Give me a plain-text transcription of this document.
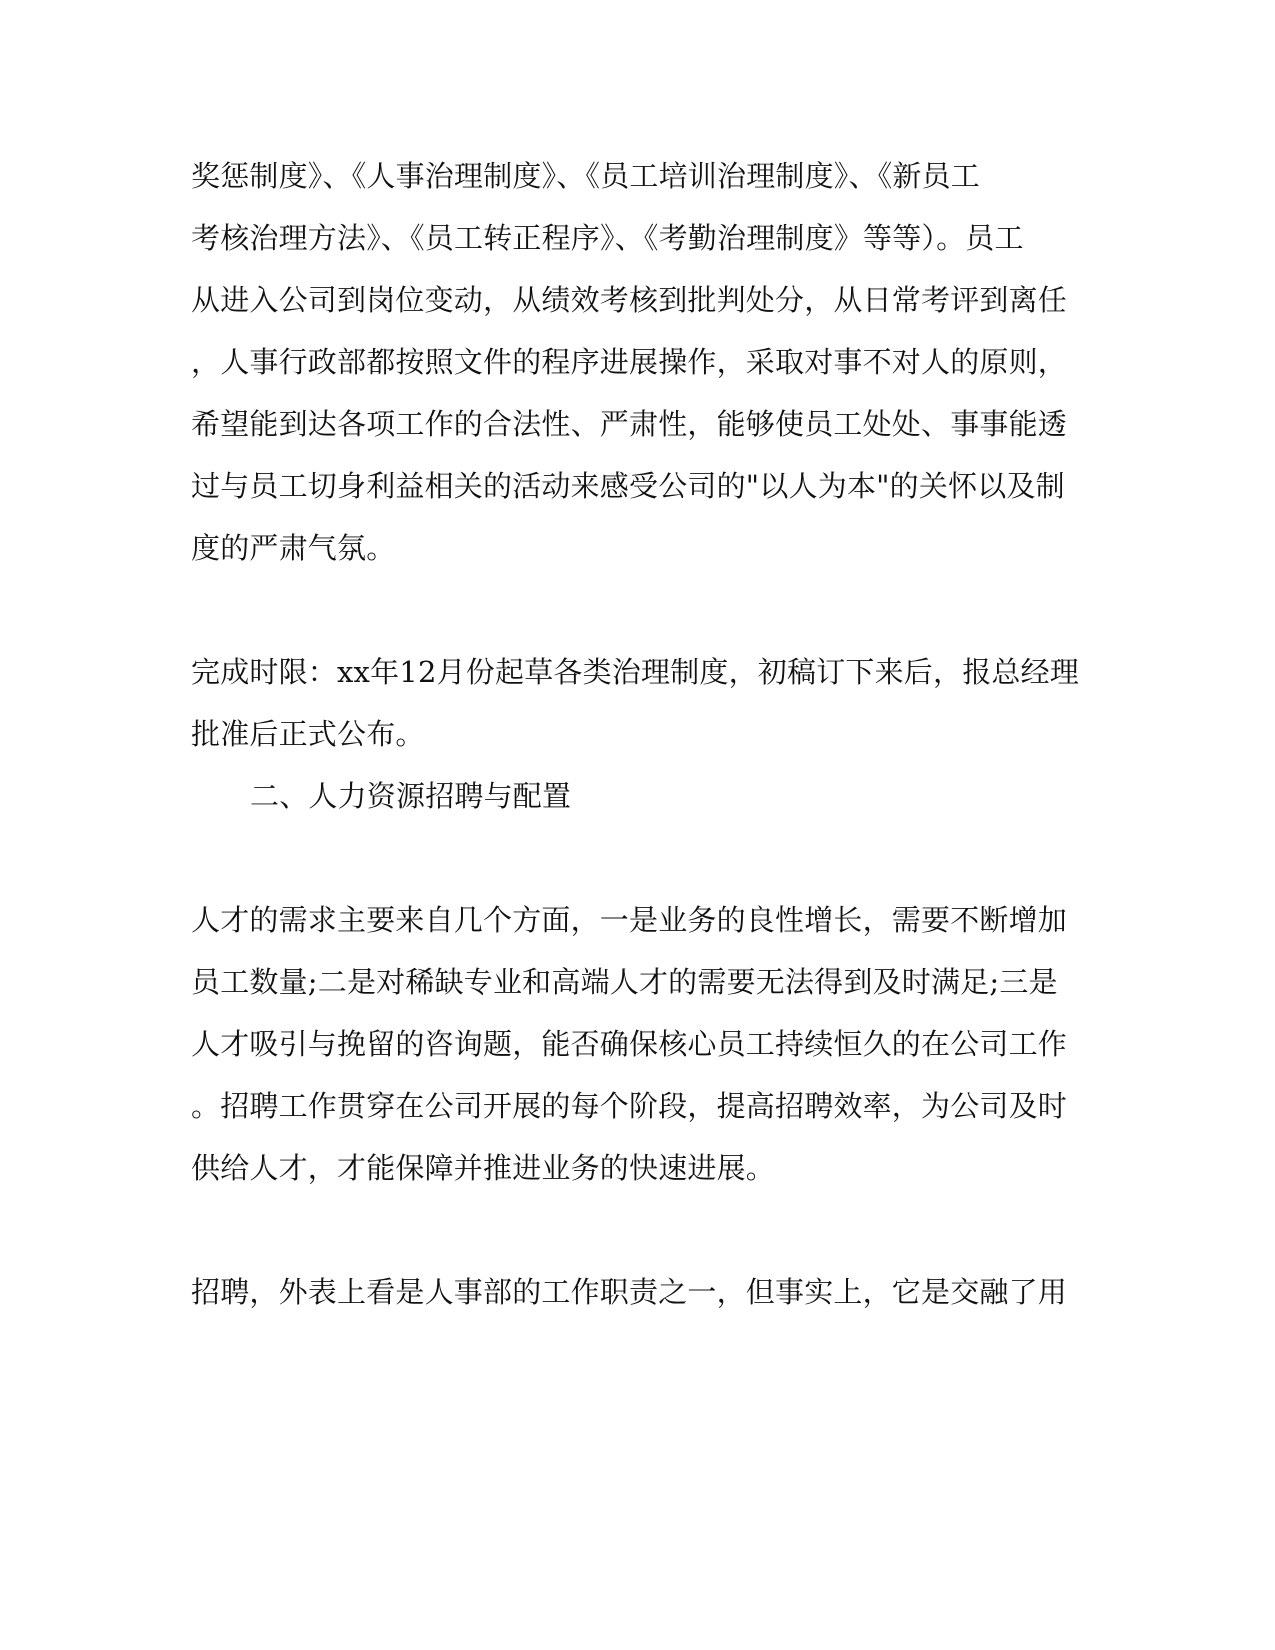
奖惩制度》、《人事治理制度》、《员工培训治理制度》、《新员工
考核治理方法》、《员工转正程序》、《考勤治理制度》等等）。员工
从进入公司到岗位变动，从绩效考核到批判处分，从日常考评到离任
，人事行政部都按照文件的程序进展操作，采取对事不对人的原则，
希望能到达各项工作的合法性、严肃性，能够使员工处处、事事能透
过与员工切身利益相关的活动来感受公司的"以人为本"的关怀以及制
度的严肃气氛。
完成时限：xx年12月份起草各类治理制度，初稿订下来后，报总经理
批准后正式公布。
二、人力资源招聘与配置
人才的需求主要来自几个方面，一是业务的良性增长，需要不断增加
员工数量;二是对稀缺专业和高端人才的需要无法得到及时满足;三是
人才吸引与挽留的咨询题，能否确保核心员工持续恒久的在公司工作
。招聘工作贯穿在公司开展的每个阶段，提高招聘效率，为公司及时
供给人才，才能保障并推进业务的快速进展。
招聘，外表上看是人事部的工作职责之一，但事实上，它是交融了用
